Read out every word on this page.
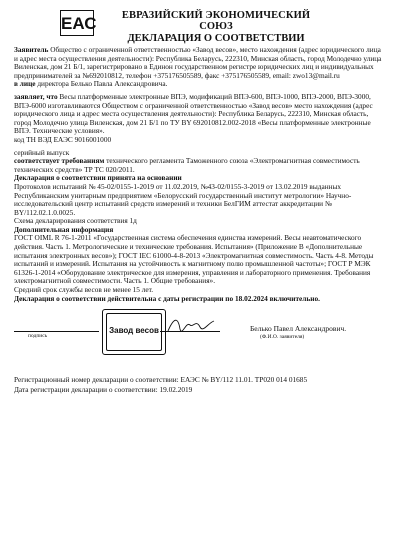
ЕАС	ЕВРАЗИЙСКИЙ ЭКОНОМИЧЕСКИЙ СОЮЗ
ДЕКЛАРАЦИЯ О СООТВЕТСТВИИ

Заявитель Общество с ограниченной ответственностью «Завод весов», место нахождения (адрес юридического лица и адрес места осуществления деятельности): Республика Беларусь, 222310, Минская область, город Молодечно улица Виленская, дом 21 Б/1, зарегистрировано в Единон государственном регистре юридических лиц и индивидуальных предпринимателей за №692010812, телефон +375176505589, факс +375176505589, email: zwo13@mail.ru

в лице директора Белько Павла Александровича.

заявляет, что Весы платформенные электронные ВПЭ, модификаций ВПЭ-600, ВПЭ-1000, ВПЭ-2000, ВПЭ-3000, ВПЭ-6000 изготавливаются Обществом с ограниченной ответственностью «Завод весов» место нахождения (адрес юридического лица и адрес места осуществления деятельности): Республика Беларусь, 222310, Минская область, город Молодечно улица Виленская, дом 21 Б/1 по ТУ BY 692010812.002-2018 «Весы платформенные электронные ВПЭ. Технические условия».

код ТН ВЭД ЕАЭС 9016001000

серийный выпуск

соответствует требованиям технического регламента Таможенного союза «Электромагнитная совместимость технических средств» ТР ТС 020/2011.

Декларация о соответствии принята на основании

Протоколов испытаний № 45-02/0155-1-2019 от 11.02.2019, №43-02/0155-3-2019 от 13.02.2019 выданных Республиканским унитарным предприятием «Белорусский государственный институт метрологии» Научно-исследовательский центр испытаний средств измерений и техники БелГИМ аттестат аккредитации № BY/112.02.1.0.0025.

Схема декларирования соответствия 1д

Дополнительная информация

ГОСТ OIML R 76-1-2011 «Государственная система обеспечения единства измерений. Весы неавтоматического действия. Часть 1. Метрологические и технические требования. Испытания» (Приложение В «Дополнительные испытания электронных весов»); ГОСТ IEC 61000-4-8-2013 «Электромагнитная совместимость. Часть 4-8. Методы испытаний и измерений. Испытания на устойчивость к магнитному полю промышленной частоты»; ГОСТ Р МЭК 61326-1-2014 «Оборудование электрическое для измерения, управления и лабораторного применения. Требования электромагнитной совместимости. Часть 1. Общие требования».

Средний срок службы весов не менее 15 лет.

Декларация о соответствии действительна с даты регистрации по 18.02.2024 включительно.

подпись
Завод весов	Белько Павел Александрович.
(Ф.И.О. заявителя)
Регистрационный номер декларации о соответствии: ЕАЭС № BY/112 11.01. ТР020 014 01685
Дата регистрации декларации о соответствии: 19.02.2019
